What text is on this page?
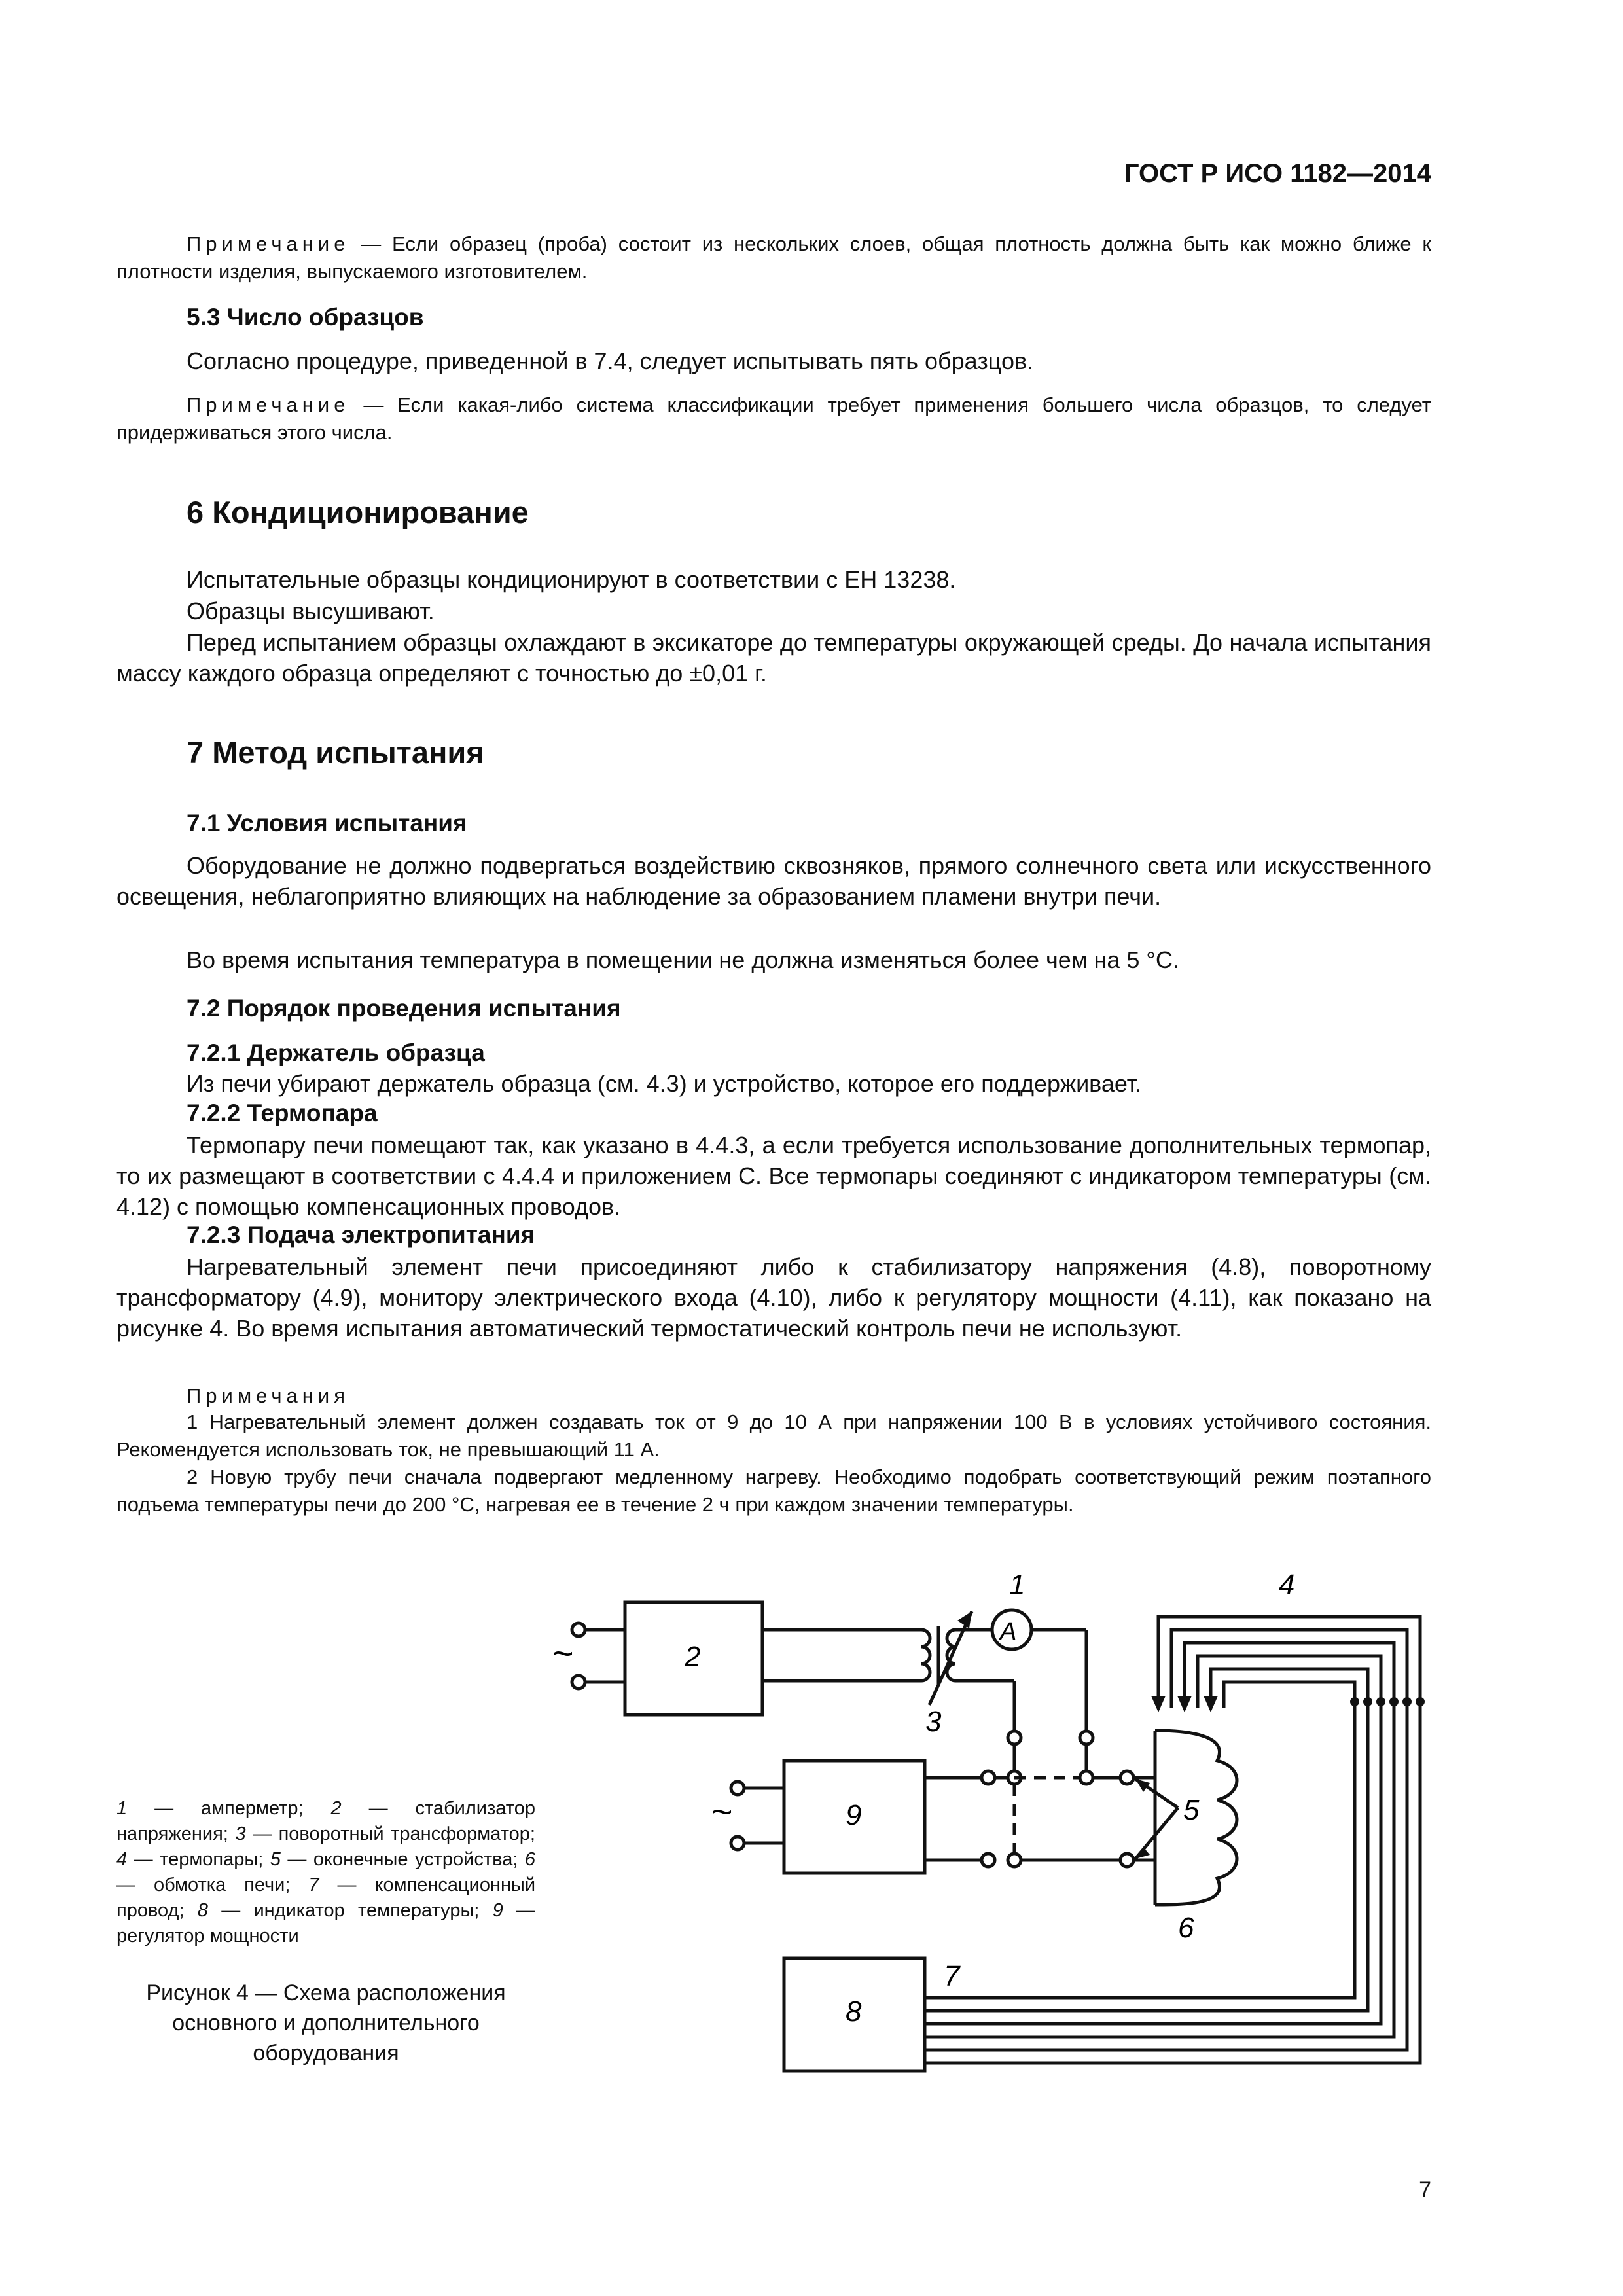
ГОСТ Р ИСО 1182—2014
Примечание — Если образец (проба) состоит из нескольких слоев, общая плотность должна быть как можно ближе к плотности изделия, выпускаемого изготовителем.
5.3 Число образцов
Согласно процедуре, приведенной в 7.4, следует испытывать пять образцов.
Примечание — Если какая-либо система классификации требует применения большего числа образцов, то следует придерживаться этого числа.
6 Кондиционирование
Испытательные образцы кондиционируют в соответствии с ЕН 13238.
Образцы высушивают.
Перед испытанием образцы охлаждают в эксикаторе до температуры окружающей среды. До начала испытания массу каждого образца определяют с точностью до ±0,01 г.
7 Метод испытания
7.1 Условия испытания
Оборудование не должно подвергаться воздействию сквозняков, прямого солнечного света или искусственного освещения, неблагоприятно влияющих на наблюдение за образованием пламени внутри печи.
Во время испытания температура в помещении не должна изменяться более чем на 5 °С.
7.2 Порядок проведения испытания
7.2.1 Держатель образца
Из печи убирают держатель образца (см. 4.3) и устройство, которое его поддерживает.
7.2.2 Термопара
Термопару печи помещают так, как указано в 4.4.3, а если требуется использование дополнительных термопар, то их размещают в соответствии с 4.4.4 и приложением С. Все термопары соединяют с индикатором температуры (см. 4.12) с помощью компенсационных проводов.
7.2.3 Подача электропитания
Нагревательный элемент печи присоединяют либо к стабилизатору напряжения (4.8), поворотному трансформатору (4.9), монитору электрического входа (4.10), либо к регулятору мощности (4.11), как показано на рисунке 4. Во время испытания автоматический термостатический контроль печи не используют.
Примечания
1 Нагревательный элемент должен создавать ток от 9 до 10 А при напряжении 100 В в условиях устойчивого состояния. Рекомендуется использовать ток, не превышающий 11 А.
2 Новую трубу печи сначала подвергают медленному нагреву. Необходимо подобрать соответствующий режим поэтапного подъема температуры печи до 200 °С, нагревая ее в течение 2 ч при каждом значении температуры.
1 — амперметр; 2 — стабилизатор напряжения; 3 — поворотный трансформатор; 4 — термопары; 5 — оконечные устройства; 6 — обмотка печи; 7 — компенсационный провод; 8 — индикатор температуры; 9 — регулятор мощности
Рисунок 4 — Схема расположения основного и дополнительного оборудования
~
~
2
9
8
A
1
3
4
5
6
7
7
